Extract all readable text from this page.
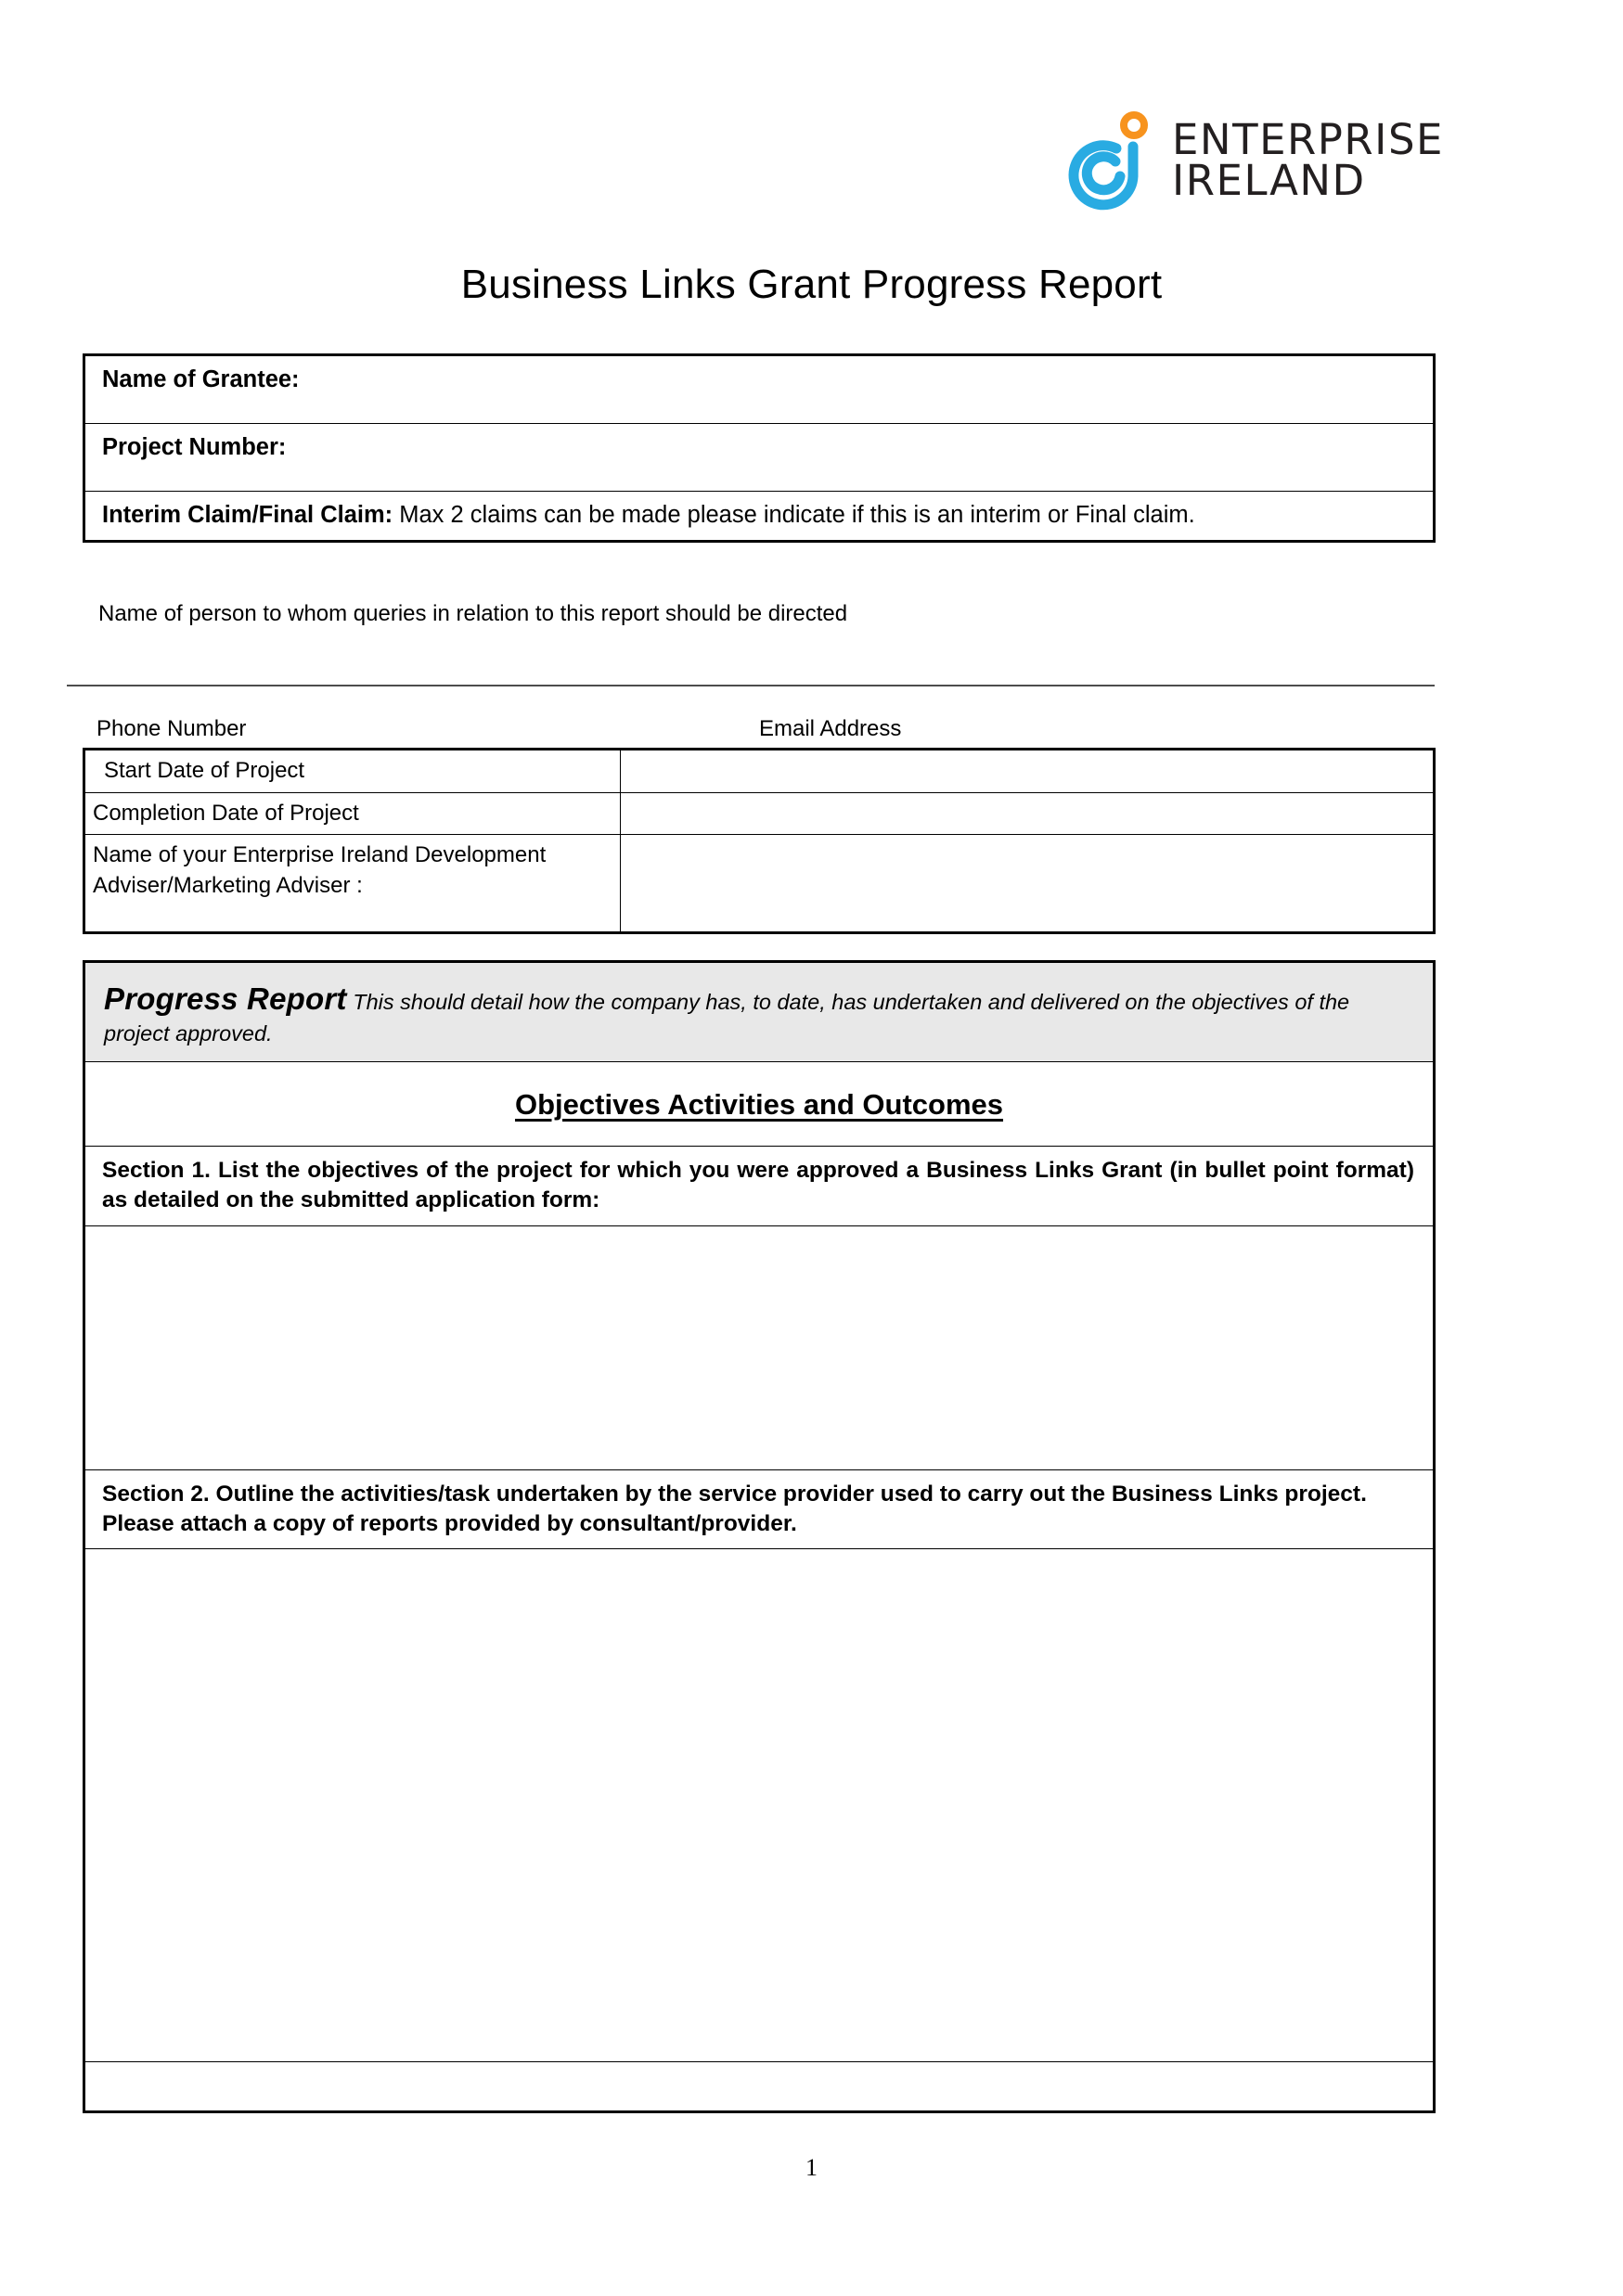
ENTERPRISE
IRELAND
Business Links Grant Progress Report
Name of Grantee:
Project Number:
Interim Claim/Final Claim: Max 2 claims can be made please indicate if this is an interim or Final claim.
Name of person to whom queries in relation to this report should be directed
Phone Number	Email Address
Start Date of Project	
Completion Date of Project	
Name of your Enterprise Ireland Development Adviser/Marketing Adviser :	
Progress Report This should detail how the company has, to date, has undertaken and delivered on the objectives of the project approved.
Objectives Activities and Outcomes
Section 1. List the objectives of the project for which you were approved a Business Links Grant (in bullet point format) as detailed on the submitted application form:

Section 2. Outline the activities/task undertaken by the service provider used to carry out the Business Links project.
Please attach a copy of reports provided by consultant/provider.

1
